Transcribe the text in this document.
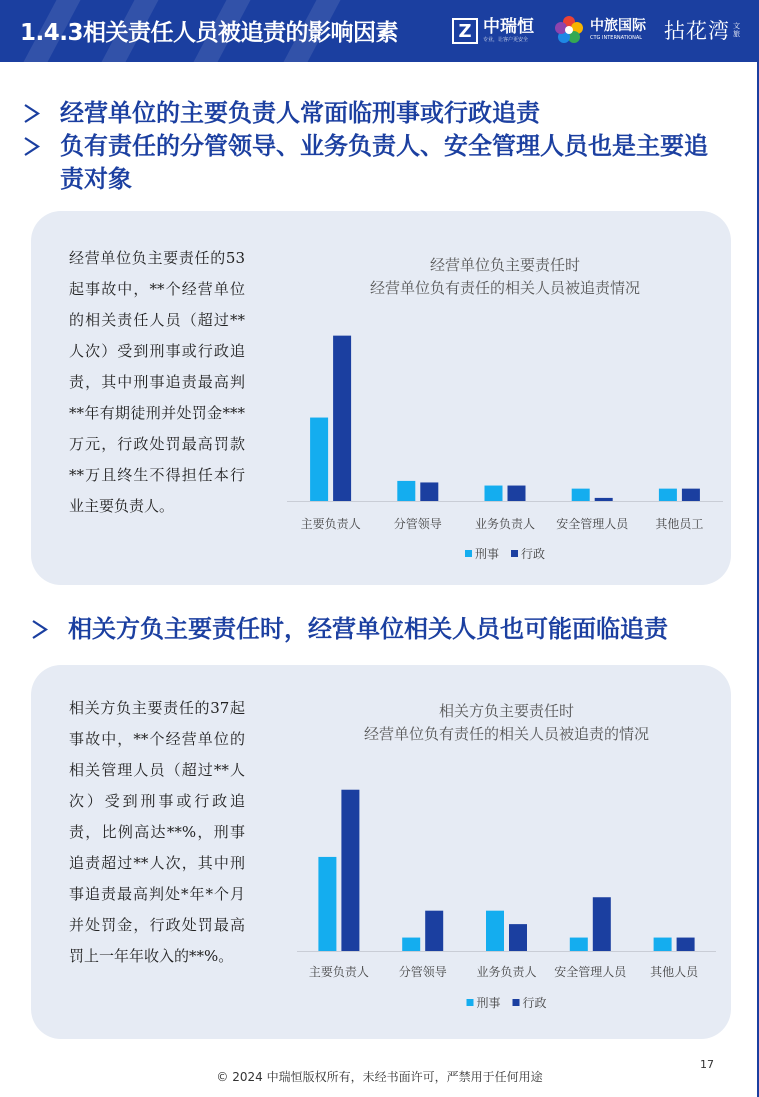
1.4.3相关责任人员被追责的影响因素	Z 中瑞恒
专业，让客户更安全
中旅国际
CTG INTERNATIONAL 拈花湾 文旅
经营单位的主要负责人常面临刑事或行政追责
负有责任的分管领导、业务负责人、安全管理人员也是主要追责对象
相关方负主要责任时，经营单位相关人员也可能面临追责
经营单位负主要责任的53起事故中，**个经营单位的相关责任人员（超过**人次）受到刑事或行政追责，其中刑事追责最高判**年有期徒刑并处罚金***万元，行政处罚最高罚款**万且终生不得担任本行业主要负责人。
经营单位负主要责任时
经营单位负有责任的相关人员被追责情况
主要负责人	分管领导	业务负责人 安全管理人员 其他员工
刑事 行政
相关方负主要责任的37起事故中，**个经营单位的相关管理人员（超过**人次）受到刑事或行政追责，比例高达**%，刑事追责超过**人次，其中刑事追责最高判处*年*个月并处罚金，行政处罚最高罚上一年年收入的**%。
相关方负主要责任时
经营单位负有责任的相关人员被追责的情况
主要负责人 分管领导 业务负责人 安全管理人员 其他人员
刑事 行政
17
© 2024 中瑞恒版权所有，未经书面许可，严禁用于任何用途
